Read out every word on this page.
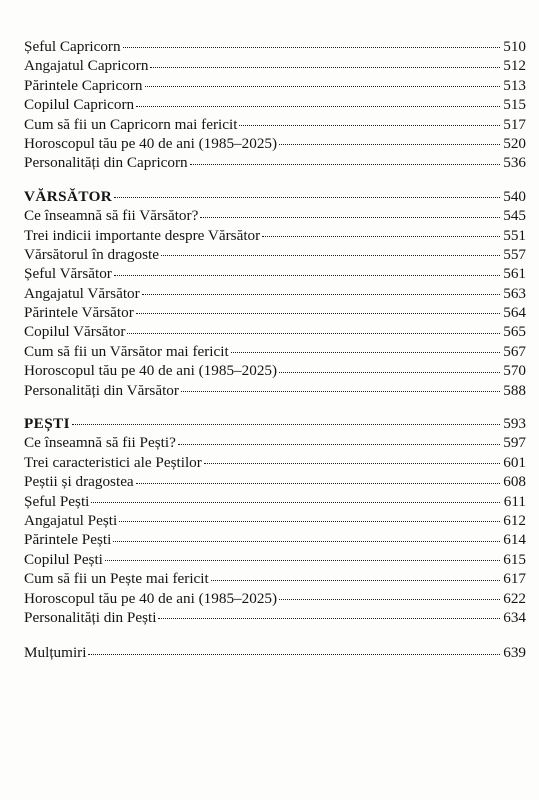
Șeful Capricorn	510
Angajatul Capricorn	512
Părintele Capricorn	513
Copilul Capricorn	515
Cum să fii un Capricorn mai fericit	517
Horoscopul tău pe 40 de ani (1985–2025)	520
Personalități din Capricorn	536
VĂRSĂTOR	540
Ce înseamnă să fii Vărsător?	545
Trei indicii importante despre Vărsător	551
Vărsătorul în dragoste	557
Șeful Vărsător	561
Angajatul Vărsător	563
Părintele Vărsător	564
Copilul Vărsător	565
Cum să fii un Vărsător mai fericit	567
Horoscopul tău pe 40 de ani (1985–2025)	570
Personalități din Vărsător	588
PEȘTI	593
Ce înseamnă să fii Pești?	597
Trei caracteristici ale Peștilor	601
Peștii și dragostea	608
Șeful Pești	611
Angajatul Pești	612
Părintele Pești	614
Copilul Pești	615
Cum să fii un Pește mai fericit	617
Horoscopul tău pe 40 de ani (1985–2025)	622
Personalități din Pești	634
Mulțumiri	639
